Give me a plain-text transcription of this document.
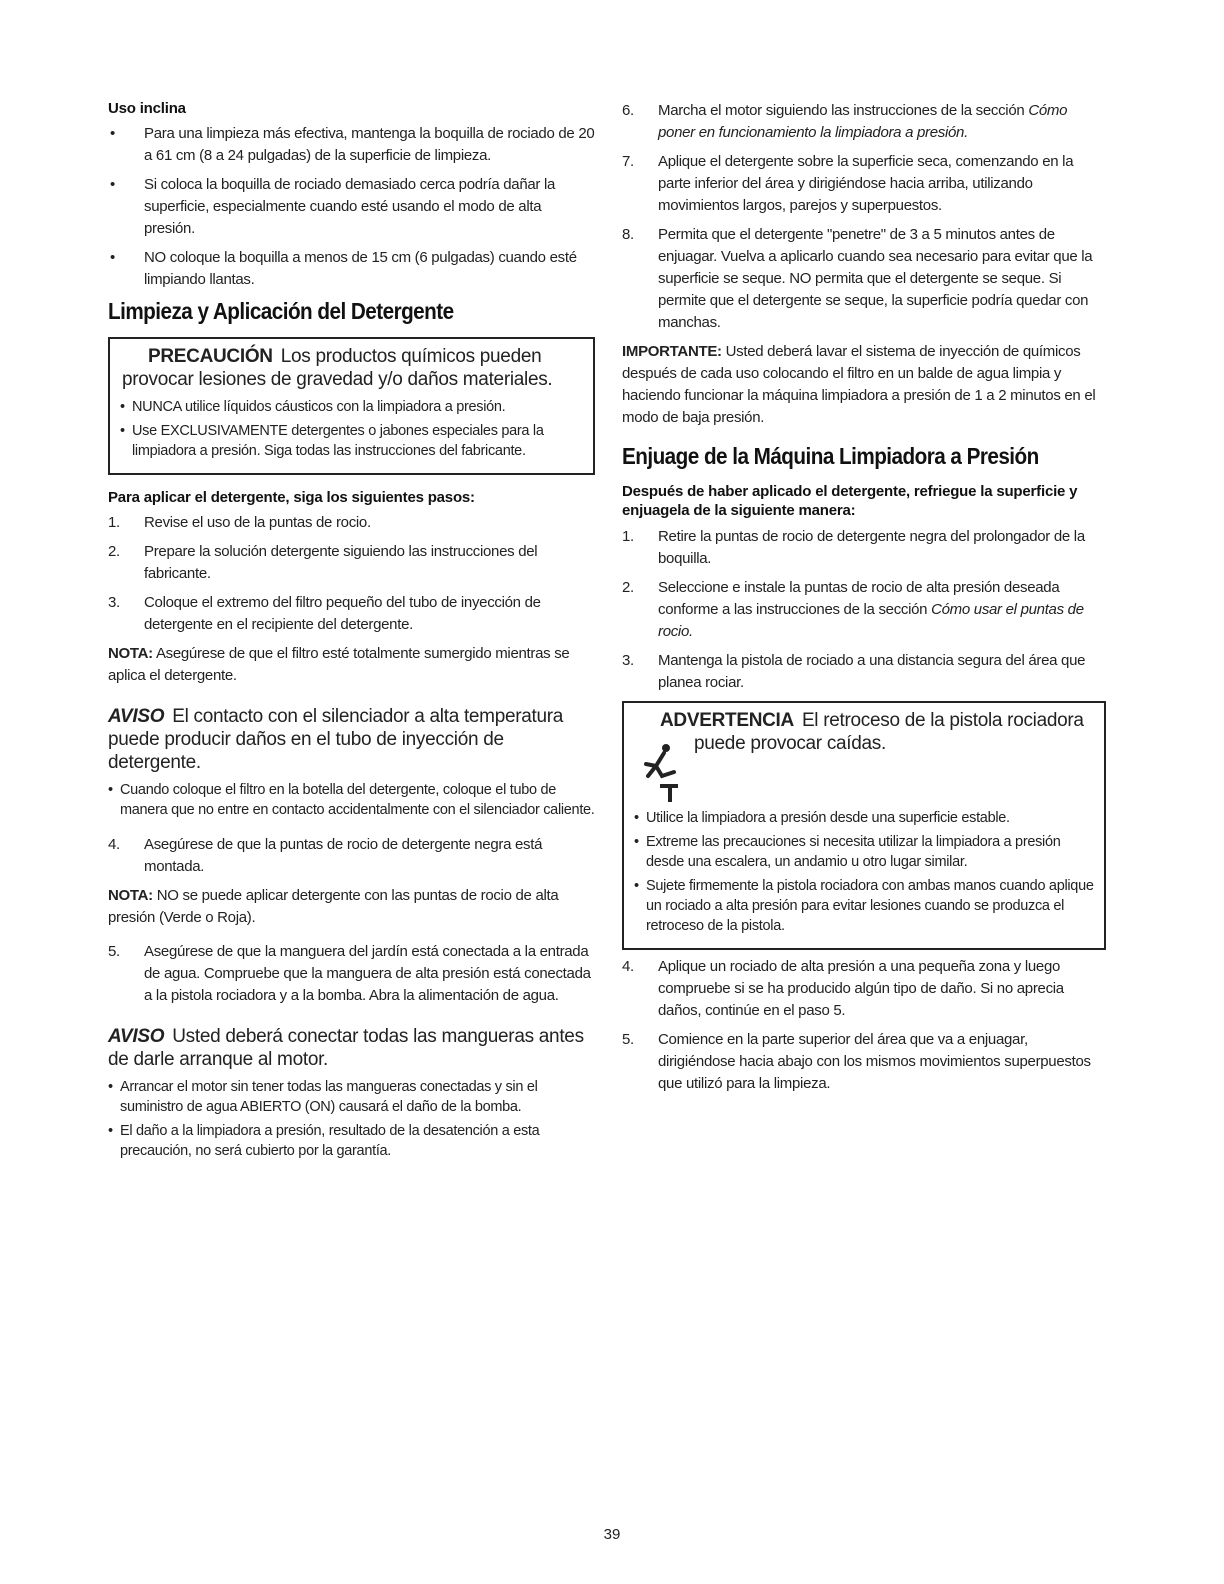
Uso inclina

• Para una limpieza más efectiva, mantenga la boquilla de rociado de 20 a 61 cm (8 a 24 pulgadas) de la superficie de limpieza.
• Si coloca la boquilla de rociado demasiado cerca podría dañar la superficie, especialmente cuando esté usando el modo de alta presión.
• NO coloque la boquilla a menos de 15 cm (6 pulgadas) cuando esté limpiando llantas.
Limpieza y Aplicación del Detergente
PRECAUCIÓN Los productos químicos pueden provocar lesiones de gravedad y/o daños materiales.
• NUNCA utilice líquidos cáusticos con la limpiadora a presión.
• Use EXCLUSIVAMENTE detergentes o jabones especiales para la limpiadora a presión. Siga todas las instrucciones del fabricante.

Para aplicar el detergente, siga los siguientes pasos:

1. Revise el uso de la puntas de rocio.
2. Prepare la solución detergente siguiendo las instrucciones del fabricante.
3. Coloque el extremo del filtro pequeño del tubo de inyección de detergente en el recipiente del detergente.

NOTA: Asegúrese de que el filtro esté totalmente sumergido mientras se aplica el detergente.

AVISO El contacto con el silenciador a alta temperatura puede producir daños en el tubo de inyección de detergente.
• Cuando coloque el filtro en la botella del detergente, coloque el tubo de manera que no entre en contacto accidentalmente con el silenciador caliente.
4. Asegúrese de que la puntas de rocio de detergente negra está montada.

NOTA: NO se puede aplicar detergente con las puntas de rocio de alta presión (Verde o Roja).

5. Asegúrese de que la manguera del jardín está conectada a la entrada de agua. Compruebe que la manguera de alta presión está conectada a la pistola rociadora y a la bomba. Abra la alimentación de agua.
AVISO Usted deberá conectar todas las mangueras antes de darle arranque al motor.
• Arrancar el motor sin tener todas las mangueras conectadas y sin el suministro de agua ABIERTO (ON) causará el daño de la bomba.
• El daño a la limpiadora a presión, resultado de la desatención a esta precaución, no será cubierto por la garantía.
6. Marcha el motor siguiendo las instrucciones de la sección Cómo poner en funcionamiento la limpiadora a presión.
7. Aplique el detergente sobre la superficie seca, comenzando en la parte inferior del área y dirigiéndose hacia arriba, utilizando movimientos largos, parejos y superpuestos.
8. Permita que el detergente "penetre" de 3 a 5 minutos antes de enjuagar. Vuelva a aplicarlo cuando sea necesario para evitar que la superficie se seque. NO permita que el detergente se seque. Si permite que el detergente se seque, la superficie podría quedar con manchas.

IMPORTANTE: Usted deberá lavar el sistema de inyección de químicos después de cada uso colocando el filtro en un balde de agua limpia y haciendo funcionar la máquina limpiadora a presión de 1 a 2 minutos en el modo de baja presión.

Enjuage de la Máquina Limpiadora a Presión

Después de haber aplicado el detergente, refriegue la superficie y enjuagela de la siguiente manera:

1. Retire la puntas de rocio de detergente negra del prolongador de la boquilla.
2. Seleccione e instale la puntas de rocio de alta presión deseada conforme a las instrucciones de la sección Cómo usar el puntas de rocio.
3. Mantenga la pistola de rociado a una distancia segura del área que planea rociar.
ADVERTENCIA El retroceso de la pistola rociadora
puede provocar caídas.
• Utilice la limpiadora a presión desde una superficie estable.
• Extreme las precauciones si necesita utilizar la limpiadora a presión desde una escalera, un andamio u otro lugar similar.
• Sujete firmemente la pistola rociadora con ambas manos cuando aplique un rociado a alta presión para evitar lesiones cuando se produzca el retroceso de la pistola.
4. Aplique un rociado de alta presión a una pequeña zona y luego compruebe si se ha producido algún tipo de daño. Si no aprecia daños, continúe en el paso 5.
5. Comience en la parte superior del área que va a enjuagar, dirigiéndose hacia abajo con los mismos movimientos superpuestos que utilizó para la limpieza.
39
